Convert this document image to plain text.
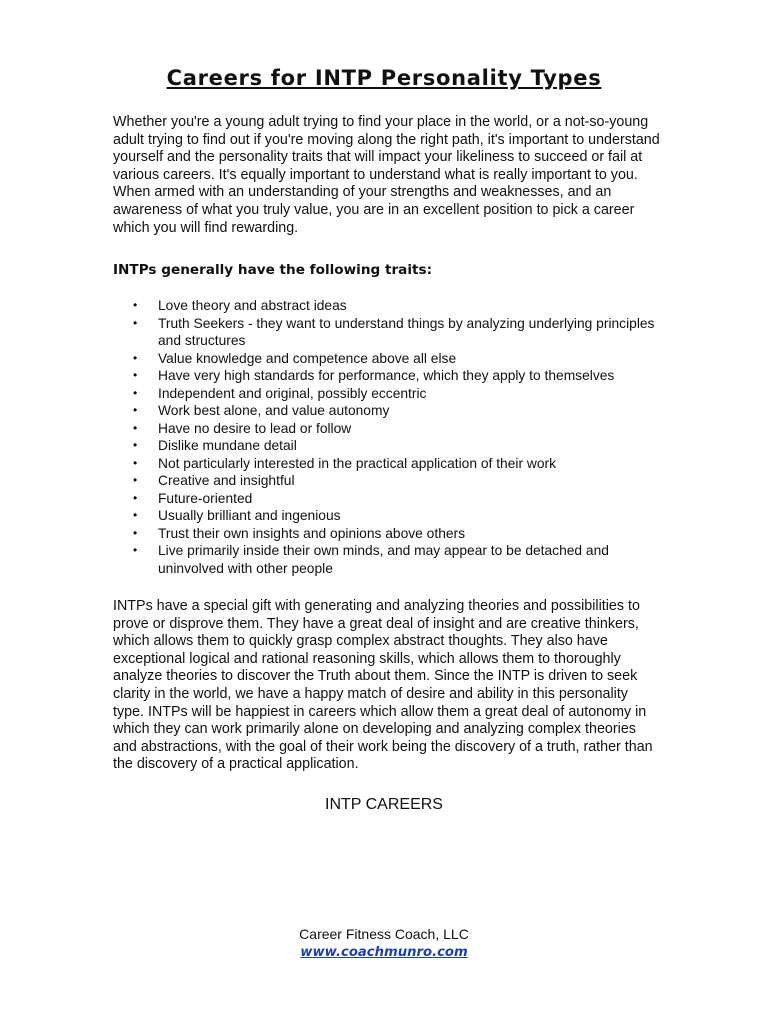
Careers for INTP Personality Types

Whether you're a young adult trying to find your place in the world, or a not-so-young adult trying to find out if you're moving along the right path, it's important to understand yourself and the personality traits that will impact your likeliness to succeed or fail at various careers. It's equally important to understand what is really important to you. When armed with an understanding of your strengths and weaknesses, and an awareness of what you truly value, you are in an excellent position to pick a career which you will find rewarding.

INTPs generally have the following traits:
• Love theory and abstract ideas
• Truth Seekers - they want to understand things by analyzing underlying principles and structures
• Value knowledge and competence above all else
• Have very high standards for performance, which they apply to themselves
• Independent and original, possibly eccentric
• Work best alone, and value autonomy
• Have no desire to lead or follow
• Dislike mundane detail
• Not particularly interested in the practical application of their work
• Creative and insightful
• Future-oriented
• Usually brilliant and ingenious
• Trust their own insights and opinions above others
• Live primarily inside their own minds, and may appear to be detached and uninvolved with other people

INTPs have a special gift with generating and analyzing theories and possibilities to prove or disprove them. They have a great deal of insight and are creative thinkers, which allows them to quickly grasp complex abstract thoughts. They also have exceptional logical and rational reasoning skills, which allows them to thoroughly analyze theories to discover the Truth about them. Since the INTP is driven to seek clarity in the world, we have a happy match of desire and ability in this personality type. INTPs will be happiest in careers which allow them a great deal of autonomy in which they can work primarily alone on developing and analyzing complex theories and abstractions, with the goal of their work being the discovery of a truth, rather than the discovery of a practical application.

INTP CAREERS
Career Fitness Coach, LLC
www.coachmunro.com
